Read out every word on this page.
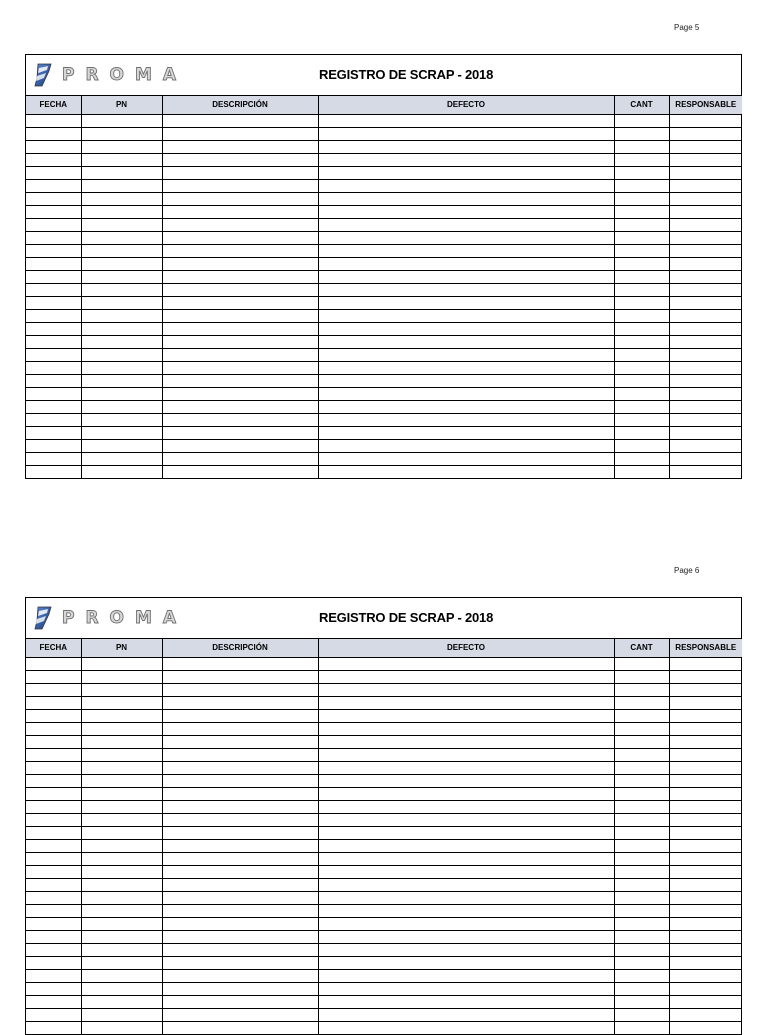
Page 5
PROMA	REGISTRO DE SCRAP - 2018
FECHA	PN	DESCRIPCIÓN	DEFECTO	CANT	RESPONSABLE

Page 6
PROMA	REGISTRO DE SCRAP - 2018
FECHA	PN	DESCRIPCIÓN	DEFECTO	CANT	RESPONSABLE
